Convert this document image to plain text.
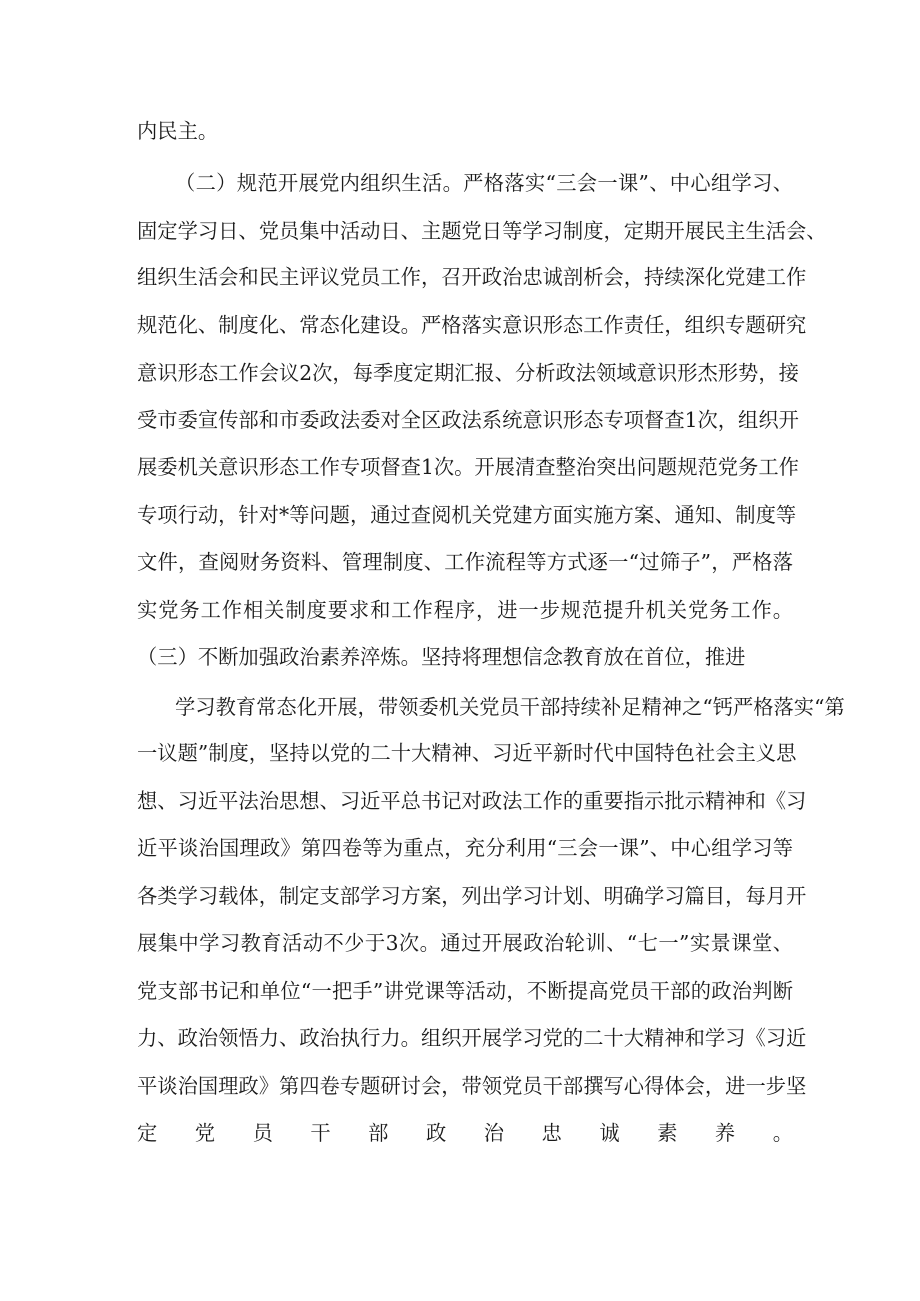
内民主。
（二）规范开展党内组织生活。严格落实“三会一课”、中心组学习、
固定学习日、党员集中活动日、主题党日等学习制度，定期开展民主生活会、
组织生活会和民主评议党员工作，召开政治忠诚剖析会，持续深化党建工作
规范化、制度化、常态化建设。严格落实意识形态工作责任，组织专题研究
意识形态工作会议2次，每季度定期汇报、分析政法领域意识形杰形势，接
受市委宣传部和市委政法委对全区政法系统意识形态专项督查1次，组织开
展委机关意识形态工作专项督查1次。开展清查整治突出问题规范党务工作
专项行动，针对*等问题，通过查阅机关党建方面实施方案、通知、制度等
文件，查阅财务资料、管理制度、工作流程等方式逐一“过筛子”，严格落
实党务工作相关制度要求和工作程序，进一步规范提升机关党务工作。
（三）不断加强政治素养淬炼。坚持将理想信念教育放在首位，推进
学习教育常态化开展，带领委机关党员干部持续补足精神之“钙严格落实“第
一议题”制度，坚持以党的二十大精神、习近平新时代中国特色社会主义思
想、习近平法治思想、习近平总书记对政法工作的重要指示批示精神和《习
近平谈治国理政》第四卷等为重点，充分利用“三会一课”、中心组学习等
各类学习载体，制定支部学习方案，列出学习计划、明确学习篇目，每月开
展集中学习教育活动不少于3次。通过开展政治轮训、“七一”实景课堂、
党支部书记和单位“一把手”讲党课等活动，不断提高党员干部的政治判断
力、政治领悟力、政治执行力。组织开展学习党的二十大精神和学习《习近
平谈治国理政》第四卷专题研讨会，带领党员干部撰写心得体会，进一步坚
定党员干部政治忠诚素养。
